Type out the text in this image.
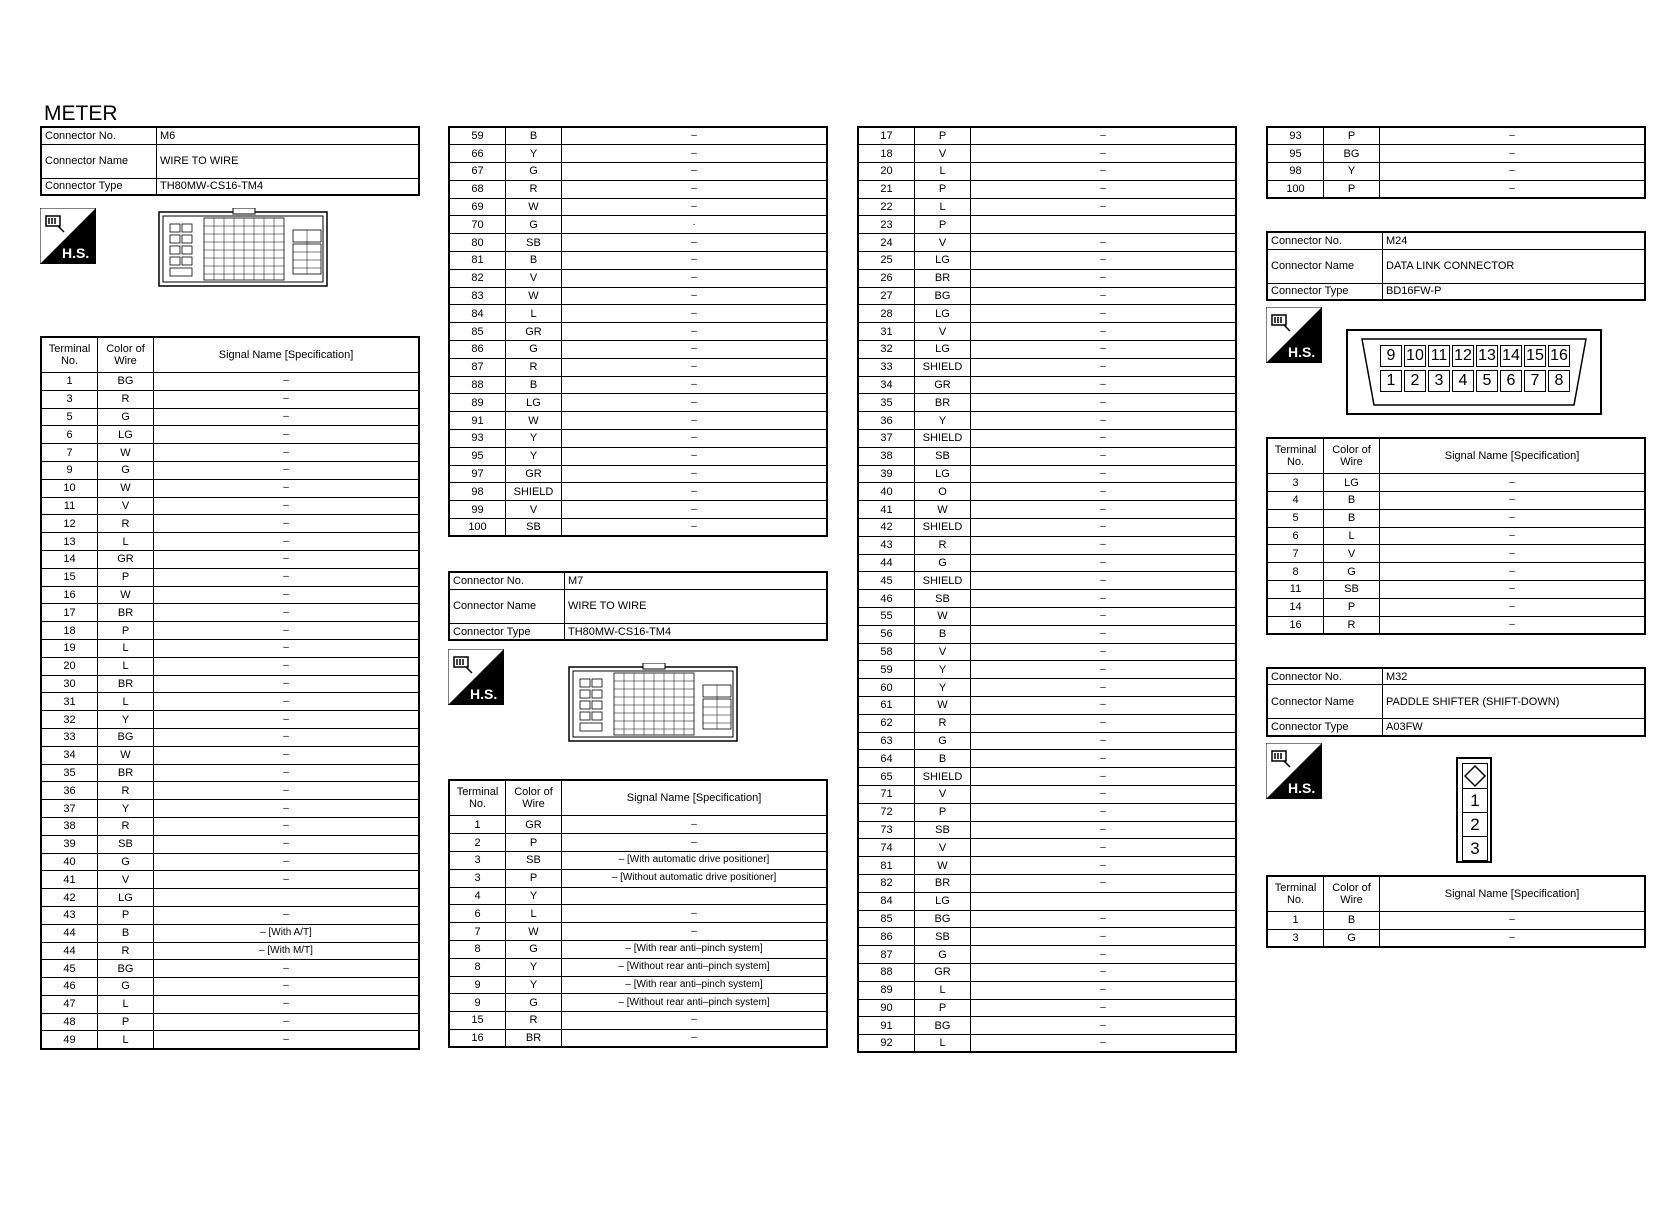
METER
Connector No.	M6
Connector Name	WIRE TO WIRE
Connector Type	TH80MW-CS16-TM4
H.S.
Terminal No.	Color of Wire	Signal Name [Specification]
1	BG	–
3	R	–
5	G	–
6	LG	–
7	W	–
9	G	–
10	W	–
11	V	–
12	R	–
13	L	–
14	GR	–
15	P	–
16	W	–
17	BR	–
18	P	–
19	L	–
20	L	–
30	BR	–
31	L	–
32	Y	–
33	BG	–
34	W	–
35	BR	–
36	R	–
37	Y	–
38	R	–
39	SB	–
40	G	–
41	V	–
42	LG	
43	P	–
44	B	– [With A/T]
44	R	– [With M/T]
45	BG	–
46	G	–
47	L	–
48	P	–
49	L	–
59	B	–
66	Y	–
67	G	–
68	R	–
69	W	–
70	G	·
80	SB	–
81	B	–
82	V	–
83	W	–
84	L	–
85	GR	–
86	G	–
87	R	–
88	B	–
89	LG	–
91	W	–
93	Y	–
95	Y	–
97	GR	–
98	SHIELD	–
99	V	–
100	SB	–
Connector No.	M7
Connector Name	WIRE TO WIRE
Connector Type	TH80MW-CS16-TM4
H.S.
Terminal No.	Color of Wire	Signal Name [Specification]
1	GR	–
2	P	–
3	SB	– [With automatic drive positioner]
3	P	– [Without automatic drive positioner]
4	Y	
6	L	–
7	W	–
8	G	– [With rear anti–pinch system]
8	Y	– [Without rear anti–pinch system]
9	Y	– [With rear anti–pinch system]
9	G	– [Without rear anti–pinch system]
15	R	–
16	BR	–
17	P	–
18	V	–
20	L	–
21	P	–
22	L	–
23	P	
24	V	–
25	LG	–
26	BR	–
27	BG	–
28	LG	–
31	V	–
32	LG	–
33	SHIELD	–
34	GR	–
35	BR	–
36	Y	–
37	SHIELD	–
38	SB	–
39	LG	–
40	O	–
41	W	–
42	SHIELD	–
43	R	–
44	G	–
45	SHIELD	–
46	SB	–
55	W	–
56	B	–
58	V	–
59	Y	–
60	Y	–
61	W	–
62	R	–
63	G	–
64	B	–
65	SHIELD	–
71	V	–
72	P	–
73	SB	–
74	V	–
81	W	–
82	BR	–
84	LG	
85	BG	–
86	SB	–
87	G	–
88	GR	–
89	L	–
90	P	–
91	BG	–
92	L	–
93	P	–
95	BG	–
98	Y	–
100	P	–
Connector No.	M24
Connector Name	DATA LINK CONNECTOR
Connector Type	BD16FW-P
H.S.	9 10 11 12 13 14 15 16
1 2 3 4 5 6 7 8
Terminal No.	Color of Wire	Signal Name [Specification]
3	LG	–
4	B	–
5	B	–
6	L	–
7	V	–
8	G	–
11	SB	–
14	P	–
16	R	–
Connector No.	M32
Connector Name	PADDLE SHIFTER (SHIFT-DOWN)
Connector Type	A03FW
H.S.
1
2
3
Terminal No.	Color of Wire	Signal Name [Specification]
1	B	–
3	G	–
